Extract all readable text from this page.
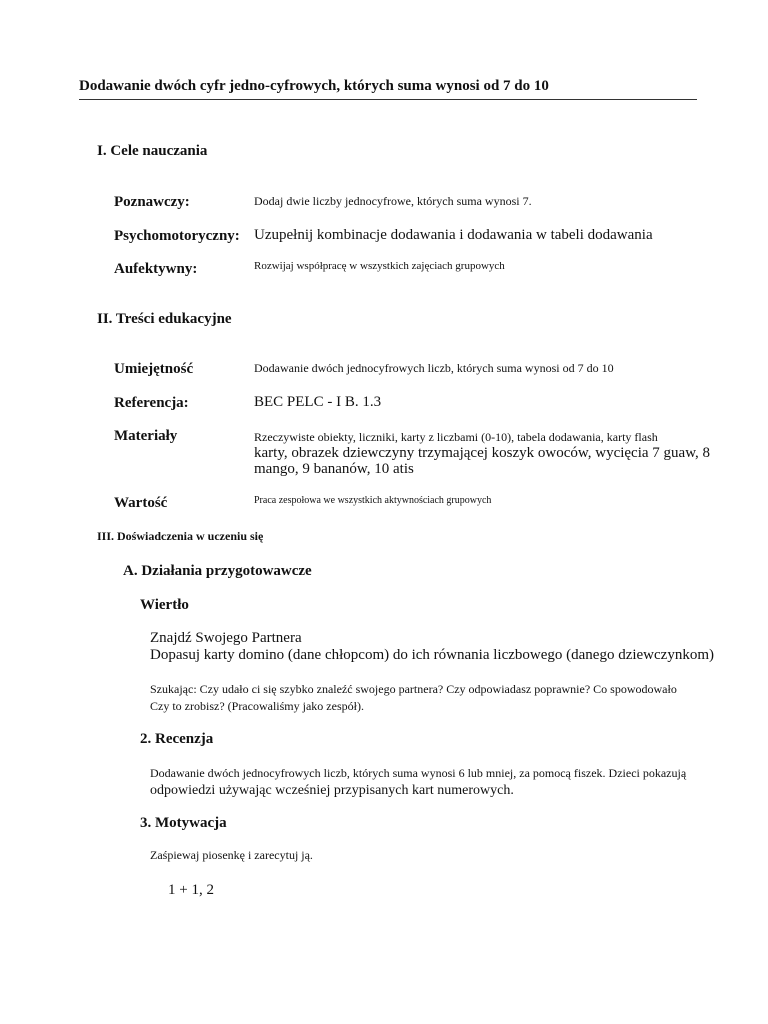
Dodawanie dwóch cyfr jedno-cyfrowych, których suma wynosi od 7 do 10
I. Cele nauczania
Poznawczy:	Dodaj dwie liczby jednocyfrowe, których suma wynosi 7.
Psychomotoryczny: Uzupełnij kombinacje dodawania i dodawania w tabeli dodawania
Aufektywny:	Rozwijaj współpracę w wszystkich zajęciach grupowych
II. Treści edukacyjne
Umiejętność	Dodawanie dwóch jednocyfrowych liczb, których suma wynosi od 7 do 10
Referencja:	BEC PELC - I B. 1.3
Materiały	Rzeczywiste obiekty, liczniki, karty z liczbami (0-10), tabela dodawania, karty flash
karty, obrazek dziewczyny trzymającej koszyk owoców, wycięcia 7 guaw, 8
mango, 9 bananów, 10 atis
Wartość	Praca zespołowa we wszystkich aktywnościach grupowych
III. Doświadczenia w uczeniu się
A. Działania przygotowawcze
Wiertło
Znajdź Swojego Partnera
Dopasuj karty domino (dane chłopcom) do ich równania liczbowego (danego dziewczynkom)
Szukając: Czy udało ci się szybko znaleźć swojego partnera? Czy odpowiadasz poprawnie? Co spowodowało
Czy to zrobisz? (Pracowaliśmy jako zespół).
2. Recenzja
Dodawanie dwóch jednocyfrowych liczb, których suma wynosi 6 lub mniej, za pomocą fiszek. Dzieci pokazują
odpowiedzi używając wcześniej przypisanych kart numerowych.
3. Motywacja
Zaśpiewaj piosenkę i zarecytuj ją.
1 + 1, 2
